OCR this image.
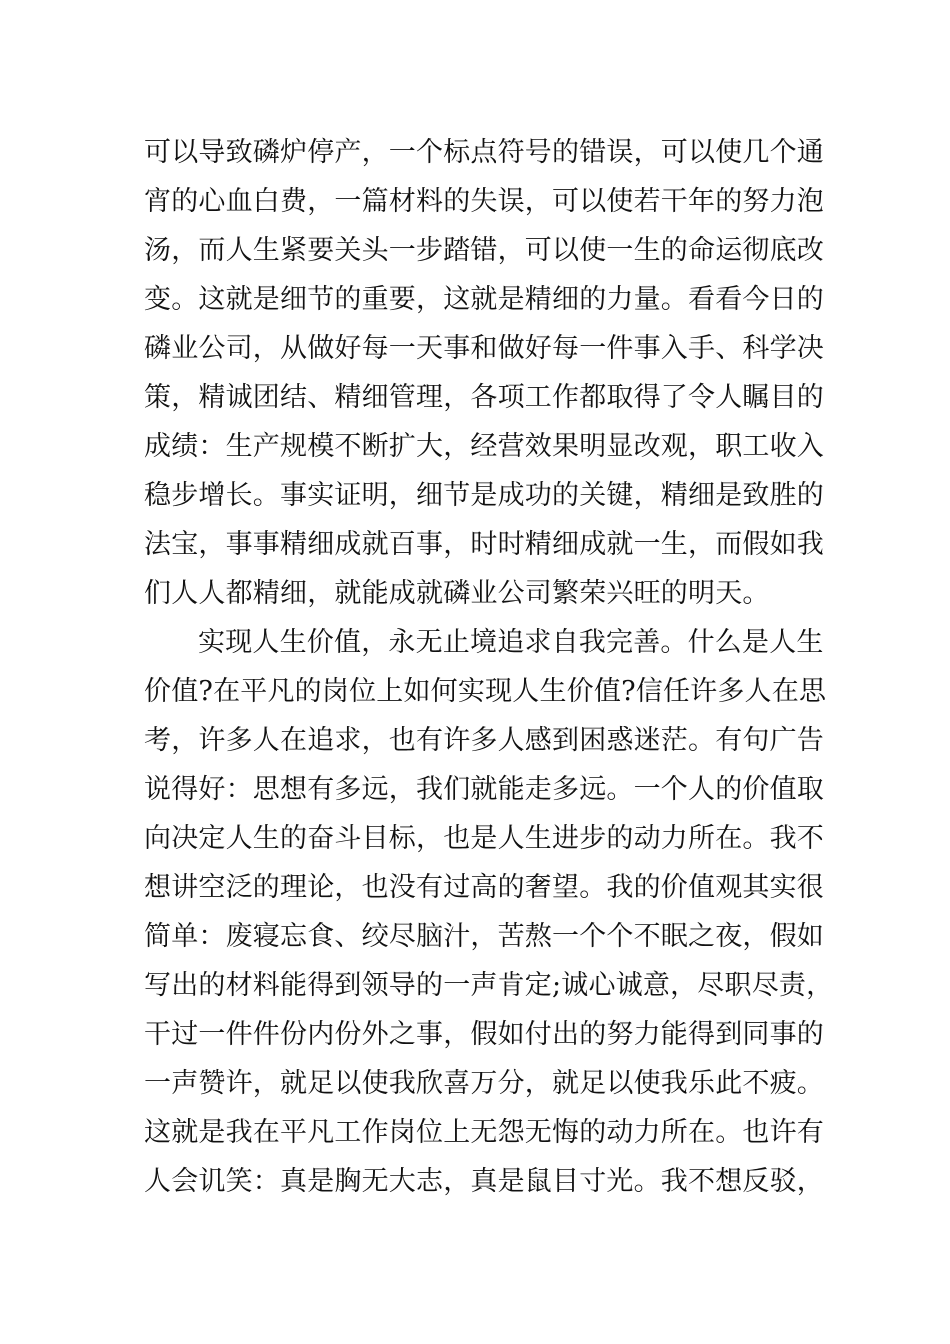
可以导致磷炉停产，一个标点符号的错误，可以使几个通
宵的心血白费，一篇材料的失误，可以使若干年的努力泡
汤，而人生紧要关头一步踏错，可以使一生的命运彻底改
变。这就是细节的重要，这就是精细的力量。看看今日的
磷业公司，从做好每一天事和做好每一件事入手、科学决
策，精诚团结、精细管理，各项工作都取得了令人瞩目的
成绩：生产规模不断扩大，经营效果明显改观，职工收入
稳步增长。事实证明，细节是成功的关键，精细是致胜的
法宝，事事精细成就百事，时时精细成就一生，而假如我
们人人都精细，就能成就磷业公司繁荣兴旺的明天。
实现人生价值，永无止境追求自我完善。什么是人生
价值?在平凡的岗位上如何实现人生价值?信任许多人在思
考，许多人在追求，也有许多人感到困惑迷茫。有句广告
说得好：思想有多远，我们就能走多远。一个人的价值取
向决定人生的奋斗目标，也是人生进步的动力所在。我不
想讲空泛的理论，也没有过高的奢望。我的价值观其实很
简单：废寝忘食、绞尽脑汁，苦熬一个个不眠之夜，假如
写出的材料能得到领导的一声肯定;诚心诚意，尽职尽责，
干过一件件份内份外之事，假如付出的努力能得到同事的
一声赞许，就足以使我欣喜万分，就足以使我乐此不疲。
这就是我在平凡工作岗位上无怨无悔的动力所在。也许有
人会讥笑：真是胸无大志，真是鼠目寸光。我不想反驳，
